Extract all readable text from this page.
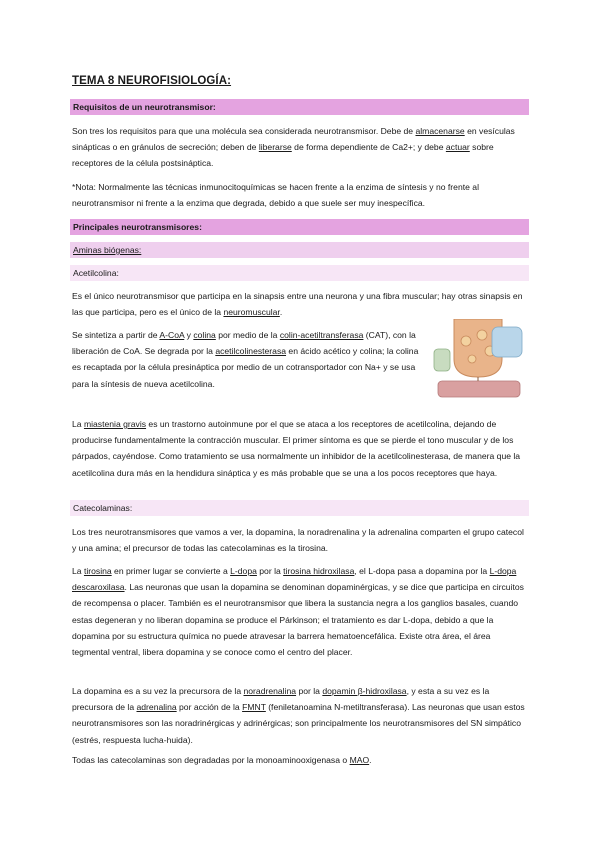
TEMA 8 NEUROFISIOLOGÍA:
Requisitos de un neurotransmisor:
Son tres los requisitos para que una molécula sea considerada neurotransmisor. Debe de almacenarse en vesículas sinápticas o en gránulos de secreción; deben de liberarse de forma dependiente de Ca2+; y debe actuar sobre receptores de la célula postsináptica.
*Nota: Normalmente las técnicas inmunocitoquímicas se hacen frente a la enzima de síntesis y no frente al neurotransmisor ni frente a la enzima que degrada, debido a que suele ser muy inespecífica.
Principales neurotransmisores:
Aminas biógenas:
Acetilcolina:
Es el único neurotransmisor que participa en la sinapsis entre una neurona y una fibra muscular; hay otras sinapsis en las que participa, pero es el único de la neuromuscular.
Se sintetiza a partir de A-CoA y colina por medio de la colin-acetiltransferasa (CAT), con la liberación de CoA. Se degrada por la acetilcolinesterasa en ácido acético y colina; la colina es recaptada por la célula presináptica por medio de un cotransportador con Na+ y se usa para la síntesis de nueva acetilcolina.
La miastenia gravis es un trastorno autoinmune por el que se ataca a los receptores de acetilcolina, dejando de producirse fundamentalmente la contracción muscular. El primer síntoma es que se pierde el tono muscular y de los párpados, cayéndose. Como tratamiento se usa normalmente un inhibidor de la acetilcolinesterasa, de manera que la acetilcolina dura más en la hendidura sináptica y es más probable que se una a los pocos receptores que haya.
Catecolaminas:
Los tres neurotransmisores que vamos a ver, la dopamina, la noradrenalina y la adrenalina comparten el grupo catecol y una amina; el precursor de todas las catecolaminas es la tirosina.
La tirosina en primer lugar se convierte a L-dopa por la tirosina hidroxilasa, el L-dopa pasa a dopamina por la L-dopa descaroxilasa. Las neuronas que usan la dopamina se denominan dopaminérgicas, y se dice que participa en circuitos de recompensa o placer. También es el neurotransmisor que libera la sustancia negra a los ganglios basales, cuando estas degeneran y no liberan dopamina se produce el Párkinson; el tratamiento es dar L-dopa, debido a que la dopamina por su estructura química no puede atravesar la barrera hematoencefálica. Existe otra área, el área tegmental ventral, libera dopamina y se conoce como el centro del placer.
La dopamina es a su vez la precursora de la noradrenalina por la dopamin β-hidroxilasa, y esta a su vez es la precursora de la adrenalina por acción de la FMNT (feniletanoamina N-metiltransferasa). Las neuronas que usan estos neurotransmisores son las noradrinérgicas y adrinérgicas; son principalmente los neurotransmisores del SN simpático (estrés, respuesta lucha-huida).
Todas las catecolaminas son degradadas por la monoaminooxigenasa o MAO.
